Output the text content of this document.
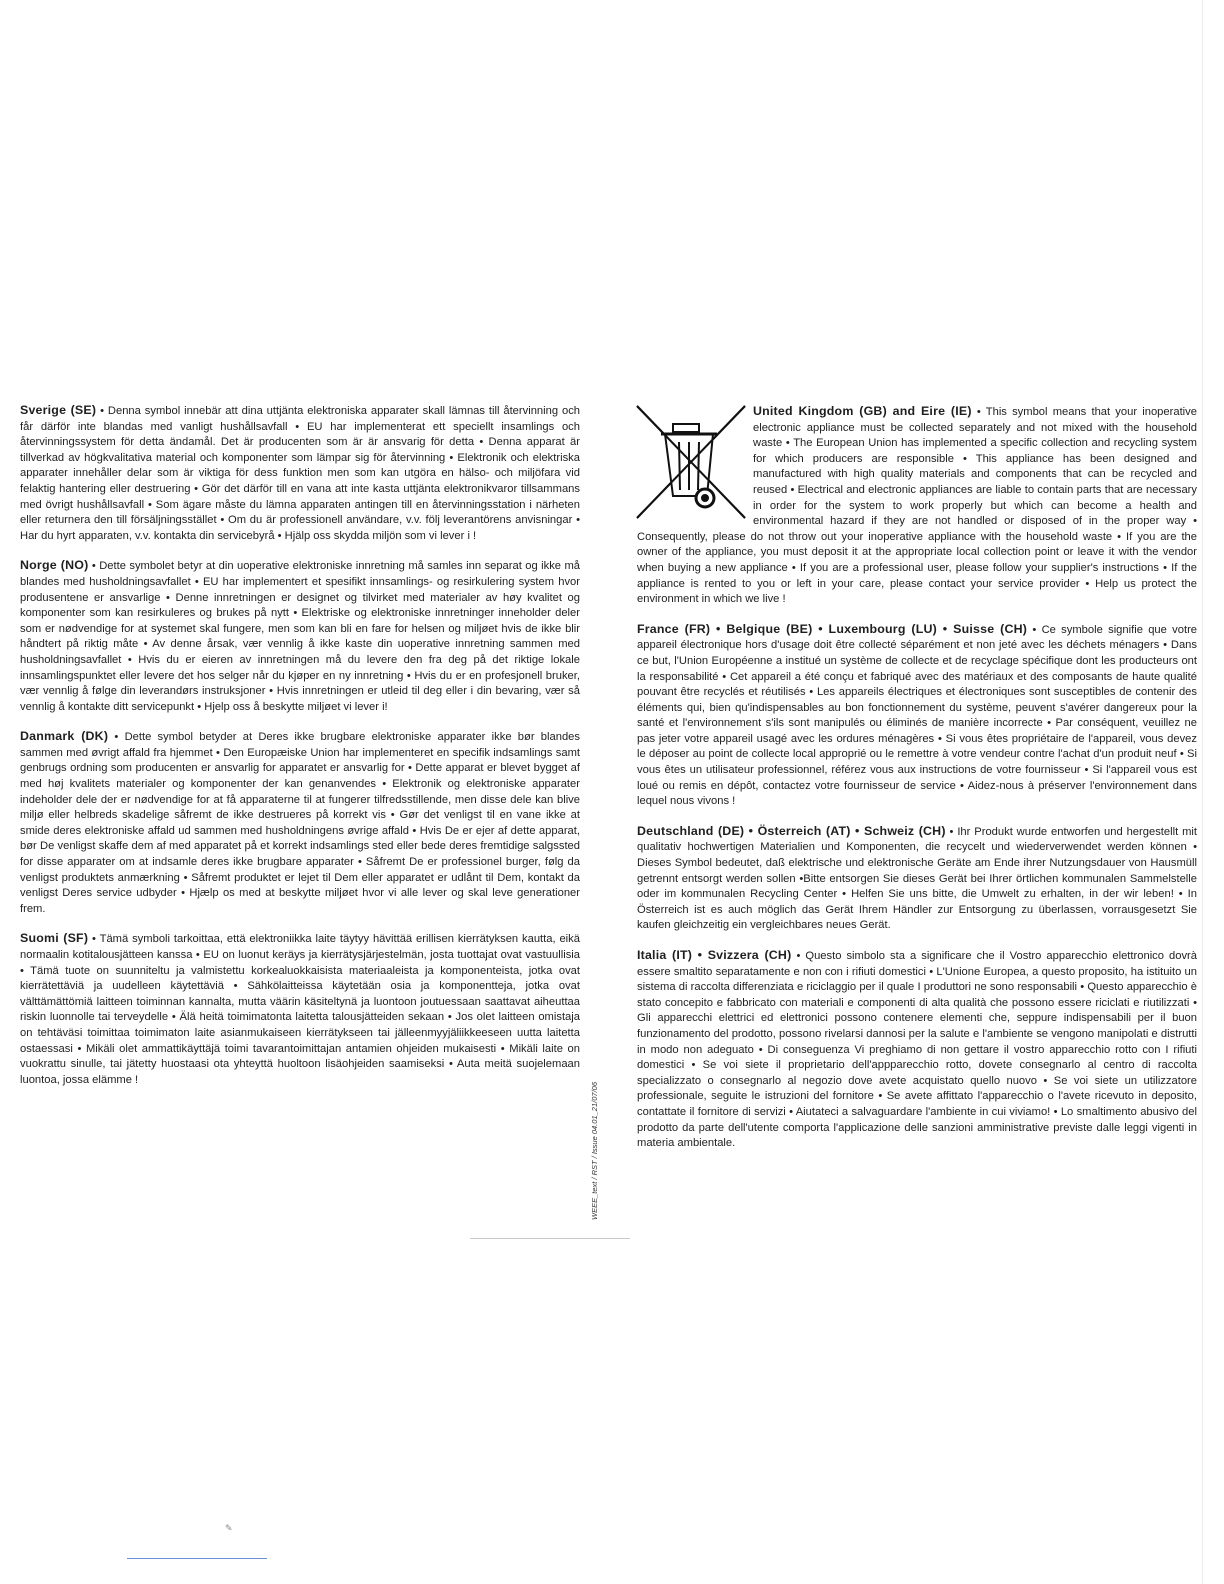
Sverige (SE) • Denna symbol innebär att dina uttjänta elektroniska apparater skall lämnas till återvinning och får därför inte blandas med vanligt hushållsavfall • EU har implementerat ett speciellt insamlings och återvinningssystem för detta ändamål. Det är producenten som är är ansvarig för detta • Denna apparat är tillverkad av högkvalitativa material och komponenter som lämpar sig för återvinning • Elektronik och elektriska apparater innehåller delar som är viktiga för dess funktion men som kan utgöra en hälso- och miljöfara vid felaktig hantering eller destruering • Gör det därför till en vana att inte kasta uttjänta elektronikvaror tillsammans med övrigt hushållsavfall • Som ägare måste du lämna apparaten antingen till en återvinningsstation i närheten eller returnera den till försäljningsstället • Om du är professionell användare, v.v. följ leverantörens anvisningar • Har du hyrt apparaten, v.v. kontakta din servicebyrå • Hjälp oss skydda miljön som vi lever i !

Norge (NO) • Dette symbolet betyr at din uoperative elektroniske innretning må samles inn separat og ikke må blandes med husholdningsavfallet • EU har implementert et spesifikt innsamlings- og resirkulering system hvor produsentene er ansvarlige • Denne innretningen er designet og tilvirket med materialer av høy kvalitet og komponenter som kan resirkuleres og brukes på nytt • Elektriske og elektroniske innretninger inneholder deler som er nødvendige for at systemet skal fungere, men som kan bli en fare for helsen og miljøet hvis de ikke blir håndtert på riktig måte • Av denne årsak, vær vennlig å ikke kaste din uoperative innretning sammen med husholdningsavfallet • Hvis du er eieren av innretningen må du levere den fra deg på det riktige lokale innsamlingspunktet eller levere det hos selger når du kjøper en ny innretning • Hvis du er en profesjonell bruker, vær vennlig å følge din leverandørs instruksjoner • Hvis innretningen er utleid til deg eller i din bevaring, vær så vennlig å kontakte ditt servicepunkt • Hjelp oss å beskytte miljøet vi lever i!

Danmark (DK) • Dette symbol betyder at Deres ikke brugbare elektroniske apparater ikke bør blandes sammen med øvrigt affald fra hjemmet • Den Europæiske Union har implementeret en specifik indsamlings samt genbrugs ordning som producenten er ansvarlig for apparatet er ansvarlig for • Dette apparat er blevet bygget af med høj kvalitets materialer og komponenter der kan genanvendes • Elektronik og elektroniske apparater indeholder dele der er nødvendige for at få apparaterne til at fungerer tilfredsstillende, men disse dele kan blive miljø eller helbreds skadelige såfremt de ikke destrueres på korrekt vis • Gør det venligst til en vane ikke at smide deres elektroniske affald ud sammen med husholdningens øvrige affald • Hvis De er ejer af dette apparat, bør De venligst skaffe dem af med apparatet på et korrekt indsamlings sted eller bede deres fremtidige salgssted for disse apparater om at indsamle deres ikke brugbare apparater • Såfremt De er professionel burger, følg da venligst produktets anmærkning • Såfremt produktet er lejet til Dem eller apparatet er udlånt til Dem, kontakt da venligst Deres service udbyder • Hjælp os med at beskytte miljøet hvor vi alle lever og skal leve generationer frem.

Suomi (SF) • Tämä symboli tarkoittaa, että elektroniikka laite täytyy hävittää erillisen kierrätyksen kautta, eikä normaalin kotitalousjätteen kanssa • EU on luonut keräys ja kierrätysjärjestelmän, josta tuottajat ovat vastuullisia • Tämä tuote on suunniteltu ja valmistettu korkealuokkaisista materiaaleista ja komponenteista, jotka ovat kierrätettäviä ja uudelleen käytettäviä • Sähkölaitteissa käytetään osia ja komponentteja, jotka ovat välttämättömiä laitteen toiminnan kannalta, mutta väärin käsiteltynä ja luontoon joutuessaan saattavat aiheuttaa riskin luonnolle tai terveydelle • Älä heitä toimimatonta laitetta talousjätteiden sekaan • Jos olet laitteen omistaja on tehtäväsi toimittaa toimimaton laite asianmukaiseen kierrätykseen tai jälleenmyyjäliikkeeseen uutta laitetta ostaessasi • Mikäli olet ammattikäyttäjä toimi tavarantoimittajan antamien ohjeiden mukaisesti • Mikäli laite on vuokrattu sinulle, tai jätetty huostaasi ota yhteyttä huoltoon lisäohjeiden saamiseksi • Auta meitä suojelemaan luontoa, jossa elämme !

WEEE_text / RST / Issue 04.01_21/07/06

United Kingdom (GB) and Eire (IE) • This symbol means that your inoperative electronic appliance must be collected separately and not mixed with the household waste • The European Union has implemented a specific collection and recycling system for which producers are responsible • This appliance has been designed and manufactured with high quality materials and components that can be recycled and reused • Electrical and electronic appliances are liable to contain parts that are necessary in order for the system to work properly but which can become a health and environmental hazard if they are not handled or disposed of in the proper way • Consequently, please do not throw out your inoperative appliance with the household waste • If you are the owner of the appliance, you must deposit it at the appropriate local collection point or leave it with the vendor when buying a new appliance • If you are a professional user, please follow your supplier's instructions • If the appliance is rented to you or left in your care, please contact your service provider • Help us protect the environment in which we live !

France (FR) • Belgique (BE) • Luxembourg (LU) • Suisse (CH) • Ce symbole signifie que votre appareil électronique hors d'usage doit être collecté séparément et non jeté avec les déchets ménagers • Dans ce but, l'Union Européenne a institué un système de collecte et de recyclage spécifique dont les producteurs ont la responsabilité • Cet appareil a été conçu et fabriqué avec des matériaux et des composants de haute qualité pouvant être recyclés et réutilisés • Les appareils électriques et électroniques sont susceptibles de contenir des éléments qui, bien qu'indispensables au bon fonctionnement du système, peuvent s'avérer dangereux pour la santé et l'environnement s'ils sont manipulés ou éliminés de manière incorrecte • Par conséquent, veuillez ne pas jeter votre appareil usagé avec les ordures ménagères • Si vous êtes propriétaire de l'appareil, vous devez le déposer au point de collecte local approprié ou le remettre à votre vendeur contre l'achat d'un produit neuf • Si vous êtes un utilisateur professionnel, référez vous aux instructions de votre fournisseur • Si l'appareil vous est loué ou remis en dépôt, contactez votre fournisseur de service • Aidez-nous à préserver l'environnement dans lequel nous vivons !

Deutschland (DE) • Österreich (AT) • Schweiz (CH) • Ihr Produkt wurde entworfen und hergestellt mit qualitativ hochwertigen Materialien und Komponenten, die recycelt und wiederverwendet werden können • Dieses Symbol bedeutet, daß elektrische und elektronische Geräte am Ende ihrer Nutzungsdauer von Hausmüll getrennt entsorgt werden sollen •Bitte entsorgen Sie dieses Gerät bei Ihrer örtlichen kommunalen Sammelstelle oder im kommunalen Recycling Center • Helfen Sie uns bitte, die Umwelt zu erhalten, in der wir leben! • In Österreich ist es auch möglich das Gerät Ihrem Händler zur Entsorgung zu überlassen, vorrausgesetzt Sie kaufen gleichzeitig ein vergleichbares neues Gerät.

Italia (IT) • Svizzera (CH) • Questo simbolo sta a significare che il Vostro apparecchio elettronico dovrà essere smaltito separatamente e non con i rifiuti domestici • L'Unione Europea, a questo proposito, ha istituito un sistema di raccolta differenziata e riciclaggio per il quale I produttori ne sono responsabili • Questo apparecchio è stato concepito e fabbricato con materiali e componenti di alta qualità che possono essere riciclati e riutilizzati • Gli apparecchi elettrici ed elettronici possono contenere elementi che, seppure indispensabili per il buon funzionamento del prodotto, possono rivelarsi dannosi per la salute e l'ambiente se vengono manipolati e distrutti in modo non adeguato • Di conseguenza Vi preghiamo di non gettare il vostro apparecchio rotto con I rifiuti domestici • Se voi siete il proprietario dell'appparecchio rotto, dovete consegnarlo al centro di raccolta specializzato o consegnarlo al negozio dove avete acquistato quello nuovo • Se voi siete un utilizzatore professionale, seguite le istruzioni del fornitore • Se avete affittato l'apparecchio o l'avete ricevuto in deposito, contattate il fornitore di servizi • Aiutateci a salvaguardare l'ambiente in cui viviamo! • Lo smaltimento abusivo del prodotto da parte dell'utente comporta l'applicazione delle sanzioni amministrative previste dalle leggi vigenti in materia ambientale.

✎
